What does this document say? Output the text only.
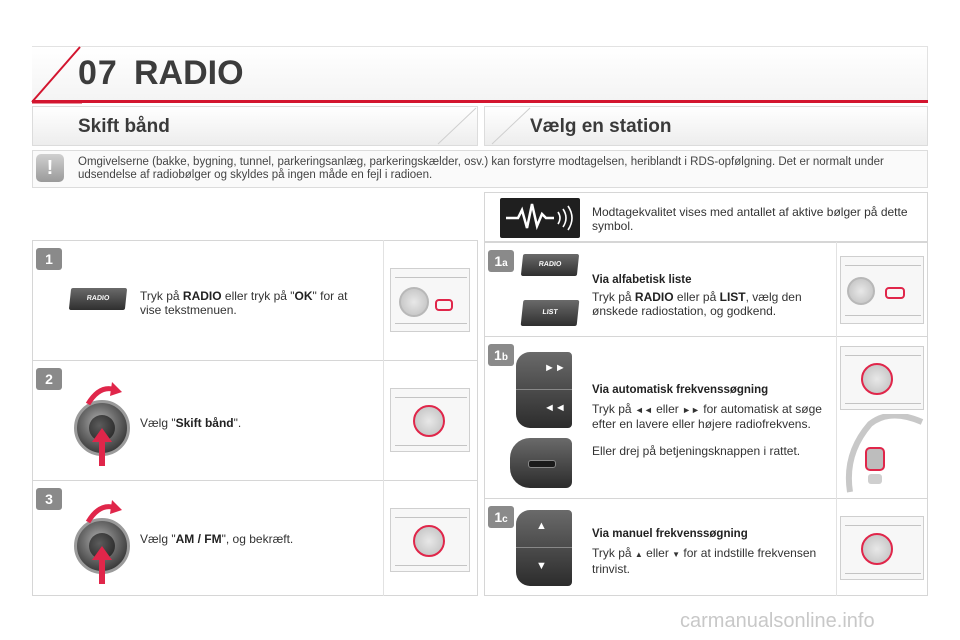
07 RADIO
Skift bånd	Vælg en station
!	Omgivelserne (bakke, bygning, tunnel, parkeringsanlæg, parkeringskælder, osv.) kan forstyrre modtagelsen, heriblandt i RDS-opfølgning. Det er normalt under udsendelse af radiobølger og skyldes på ingen måde en fejl i radioen.
1
RADIO	Tryk på RADIO eller tryk på "OK" for at vise tekstmenuen.
2
Vælg "Skift bånd".
3
Vælg "AM / FM", og bekræft.
Modtagekvalitet vises med antallet af aktive bølger på dette symbol.
1a	RADIO
LIST
Via alfabetisk liste
Tryk på RADIO eller på LIST, vælg den ønskede radiostation, og godkend.
1b
►►
◄◄
Via automatisk frekvenssøgning
Tryk på ◄◄ eller ►► for automatisk at søge efter en lavere eller højere radiofrekvens.
Eller drej på betjeningsknappen i rattet.
1c
▲
▼
Via manuel frekvenssøgning
Tryk på ▲ eller ▼ for at indstille frekvensen trinvist.
carmanualsonline.info
